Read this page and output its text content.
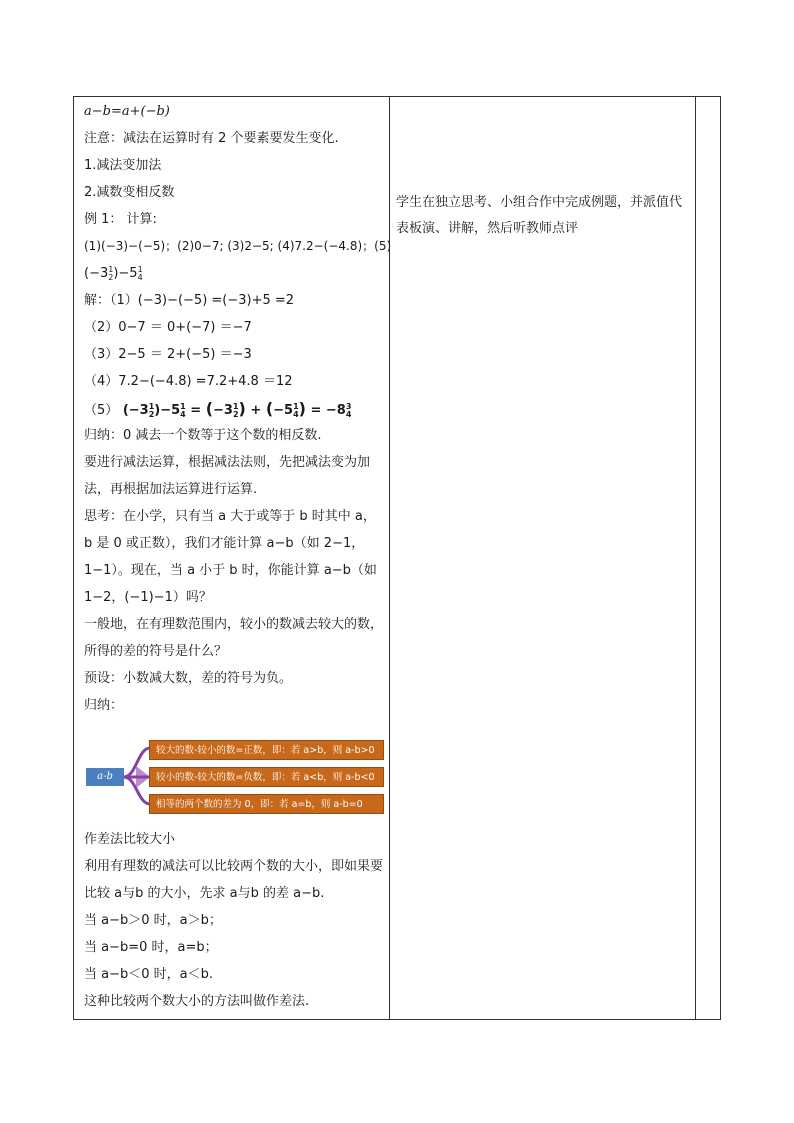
a−b=a+(−b)
注意：减法在运算时有 2 个要素要发生变化.
1.减法变加法
2.减数变相反数
例 1： 计算:
(1)(−3)−(−5)；(2)0−7; (3)2−5; (4)7.2−(−4.8)；(5)
(−3 1
2 )−5 1
4
解：（1）(−3)−(−5) =(−3)+5 =2
（2）0−7 ＝ 0+(−7) ＝−7
（3）2−5 ＝ 2+(−5) ＝−3
（4）7.2−(−4.8) =7.2+4.8 ＝12
（5） (−3 1
2 )−5 1
4 = (−3 1
2 ) + (−5 1
4 ) = −8 3
4
归纳：0 减去一个数等于这个数的相反数.
要进行减法运算，根据减法法则，先把减法变为加法，再根据加法运算进行运算.
思考：在小学，只有当 a 大于或等于 b 时其中 a，b 是 0 或正数），我们才能计算 a−b（如 2−1，1−1）。现在，当 a 小于 b 时，你能计算 a−b（如 1−2，(−1)−1）吗？
一般地，在有理数范围内，较小的数减去较大的数，所得的差的符号是什么？
预设：小数减大数，差的符号为负。
归纳：
a-b
较大的数-较小的数=正数，即：若 a>b，则 a-b>0
较小的数-较大的数=负数，即：若 a<b，则 a-b<0
相等的两个数的差为 0，即：若 a=b，则 a-b=0
作差法比较大小
利用有理数的减法可以比较两个数的大小，即如果要比较 a与b 的大小，先求 a与b 的差 a−b.
当 a−b＞0 时，a＞b；
当 a−b=0 时，a=b；
当 a−b＜0 时，a＜b.
这种比较两个数大小的方法叫做作差法.
学生在独立思考、小组合作中完成例题，并派值代表板演、讲解，然后听教师点评
